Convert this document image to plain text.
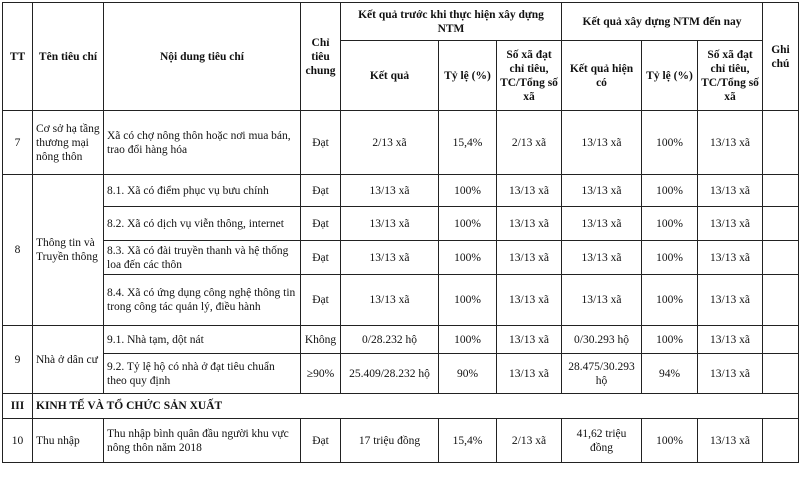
TT	Tên tiêu chí	Nội dung tiêu chí	Chỉ tiêu chung	Kết quả trước khi thực hiện xây dựng NTM			Kết quả xây dựng NTM đến nay			Ghi chú
				Kết quả	Tỷ lệ (%)	Số xã đạt chỉ tiêu, TC/Tổng số xã	Kết quả hiện có	Tỷ lệ (%)	Số xã đạt chỉ tiêu, TC/Tổng số xã	
7	Cơ sở hạ tầng thương mại nông thôn	Xã có chợ nông thôn hoặc nơi mua bán, trao đổi hàng hóa	Đạt	2/13 xã	15,4%	2/13 xã	13/13 xã	100%	13/13 xã	
8	Thông tin và Truyền thông	8.1. Xã có điểm phục vụ bưu chính	Đạt	13/13 xã	100%	13/13 xã	13/13 xã	100%	13/13 xã	
		8.2. Xã có dịch vụ viễn thông, internet	Đạt	13/13 xã	100%	13/13 xã	13/13 xã	100%	13/13 xã	
		8.3. Xã có đài truyền thanh và hệ thống loa đến các thôn	Đạt	13/13 xã	100%	13/13 xã	13/13 xã	100%	13/13 xã	
		8.4. Xã có ứng dụng công nghệ thông tin trong công tác quản lý, điều hành	Đạt	13/13 xã	100%	13/13 xã	13/13 xã	100%	13/13 xã	
9	Nhà ở dân cư	9.1. Nhà tạm, dột nát	Không	0/28.232 hộ	100%	13/13 xã	0/30.293 hộ	100%	13/13 xã	
		9.2. Tỷ lệ hộ có nhà ở đạt tiêu chuẩn theo quy định	≥90%	25.409/28.232 hộ	90%	13/13 xã	28.475/30.293 hộ	94%	13/13 xã	
III	KINH TẾ VÀ TỔ CHỨC SẢN XUẤT									
10	Thu nhập	Thu nhập bình quân đầu người khu vực nông thôn năm 2018	Đạt	17 triệu đồng	15,4%	2/13 xã	41,62 triệu đồng	100%	13/13 xã	
